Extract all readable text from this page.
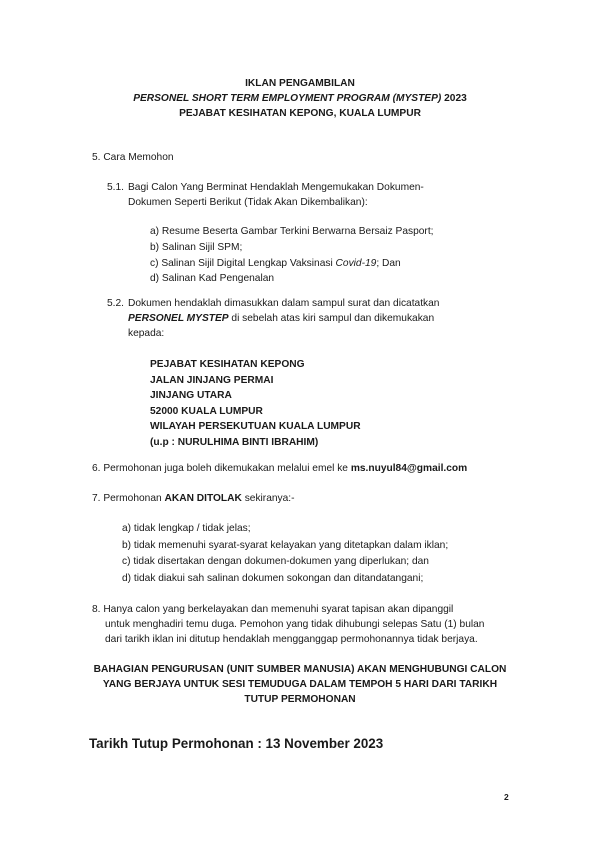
IKLAN PENGAMBILAN
PERSONEL SHORT TERM EMPLOYMENT PROGRAM (MYSTEP) 2023
PEJABAT KESIHATAN KEPONG, KUALA LUMPUR
5. Cara Memohon
5.1. Bagi Calon Yang Berminat Hendaklah Mengemukakan Dokumen-
Dokumen Seperti Berikut (Tidak Akan Dikembalikan):
a) Resume Beserta Gambar Terkini Berwarna Bersaiz Pasport;
b) Salinan Sijil SPM;
c) Salinan Sijil Digital Lengkap Vaksinasi Covid-19; Dan
d) Salinan Kad Pengenalan
5.2. Dokumen hendaklah dimasukkan dalam sampul surat dan dicatatkan
PERSONEL MYSTEP di sebelah atas kiri sampul dan dikemukakan
kepada:
PEJABAT KESIHATAN KEPONG
JALAN JINJANG PERMAI
JINJANG UTARA
52000 KUALA LUMPUR
WILAYAH PERSEKUTUAN KUALA LUMPUR
(u.p : NURULHIMA BINTI IBRAHIM)
6. Permohonan juga boleh dikemukakan melalui emel ke ms.nuyul84@gmail.com
7. Permohonan AKAN DITOLAK sekiranya:-
a) tidak lengkap / tidak jelas;
b) tidak memenuhi syarat-syarat kelayakan yang ditetapkan dalam iklan;
c) tidak disertakan dengan dokumen-dokumen yang diperlukan; dan
d) tidak diakui sah salinan dokumen sokongan dan ditandatangani;
8. Hanya calon yang berkelayakan dan memenuhi syarat tapisan akan dipanggil
untuk menghadiri temu duga. Pemohon yang tidak dihubungi selepas Satu (1) bulan
dari tarikh iklan ini ditutup hendaklah mengganggap permohonannya tidak berjaya.
BAHAGIAN PENGURUSAN (UNIT SUMBER MANUSIA) AKAN MENGHUBUNGI CALON
YANG BERJAYA UNTUK SESI TEMUDUGA DALAM TEMPOH 5 HARI DARI TARIKH
TUTUP PERMOHONAN
Tarikh Tutup Permohonan : 13 November 2023
2
